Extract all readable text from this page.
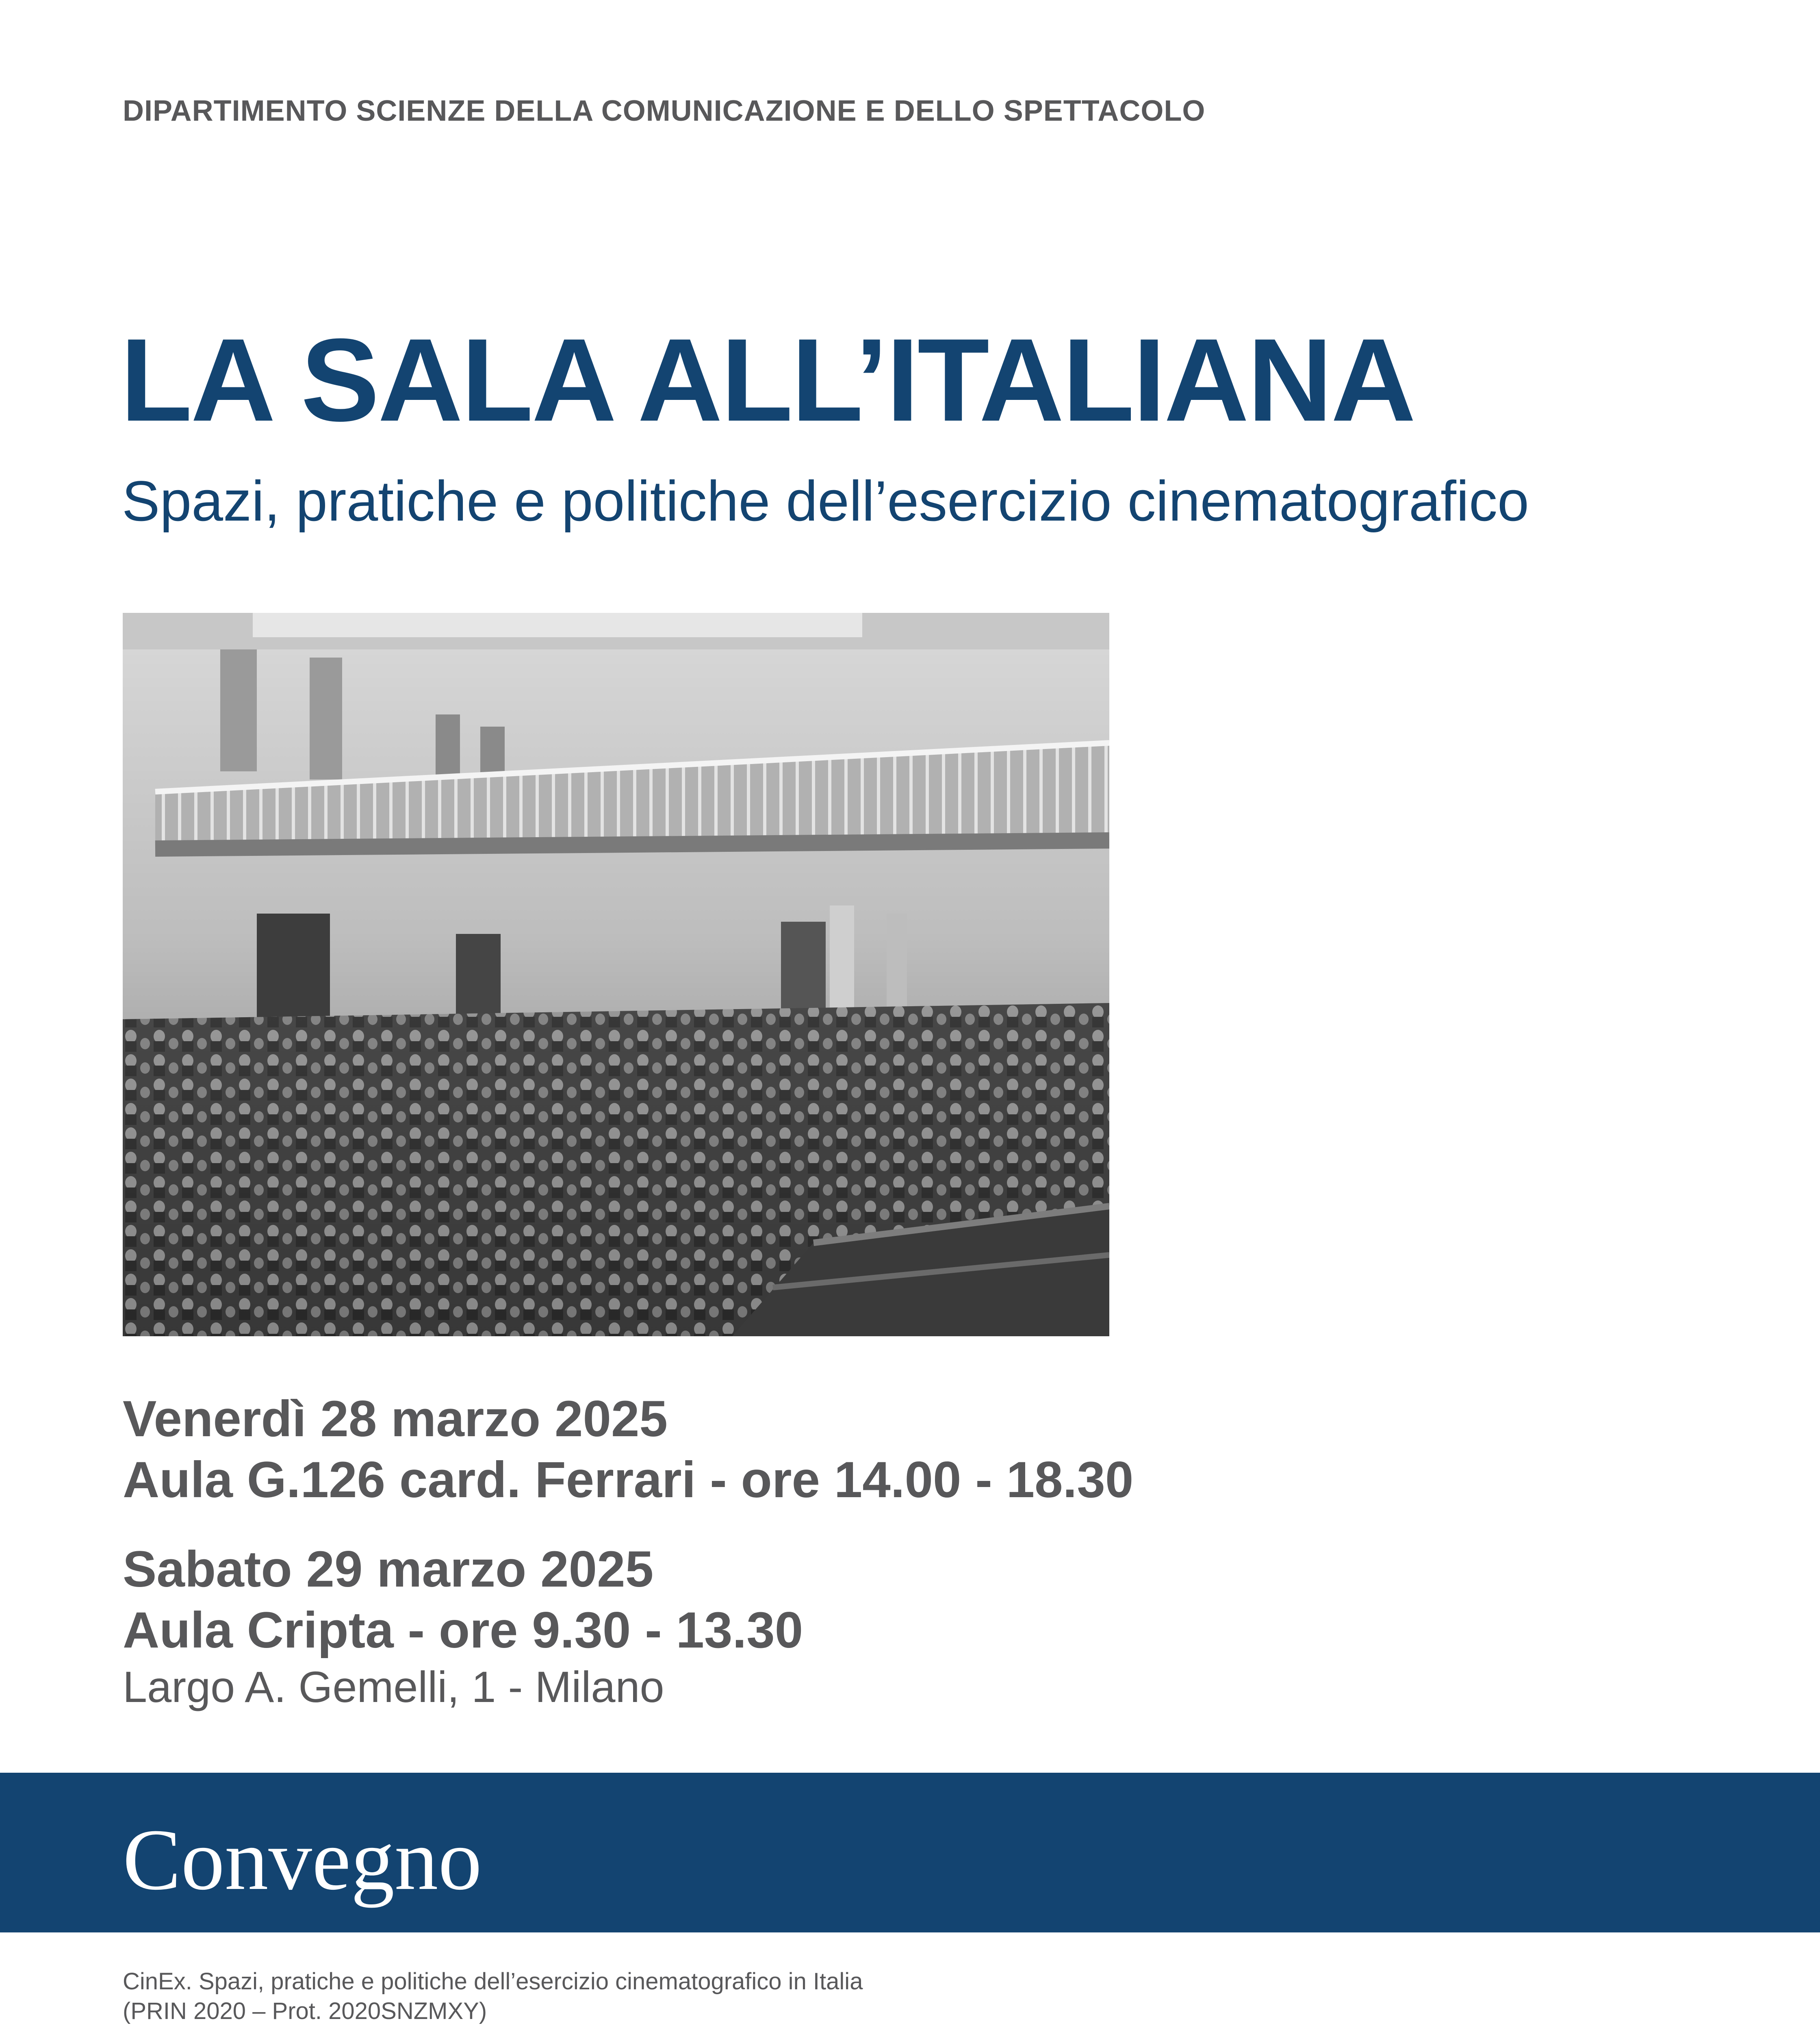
DIPARTIMENTO SCIENZE DELLA COMUNICAZIONE E DELLO SPETTACOLO
LA SALA ALL’ITALIANA
Spazi, pratiche e politiche dell’esercizio cinematografico
Venerdì 28 marzo 2025
Aula G.126 card. Ferrari - ore 14.00 - 18.30
Sabato 29 marzo 2025
Aula Cripta - ore 9.30 - 13.30
Largo A. Gemelli, 1 - Milano
Convegno
CinEx. Spazi, pratiche e politiche dell’esercizio cinematografico in Italia
(PRIN 2020 – Prot. 2020SNZMXY)
